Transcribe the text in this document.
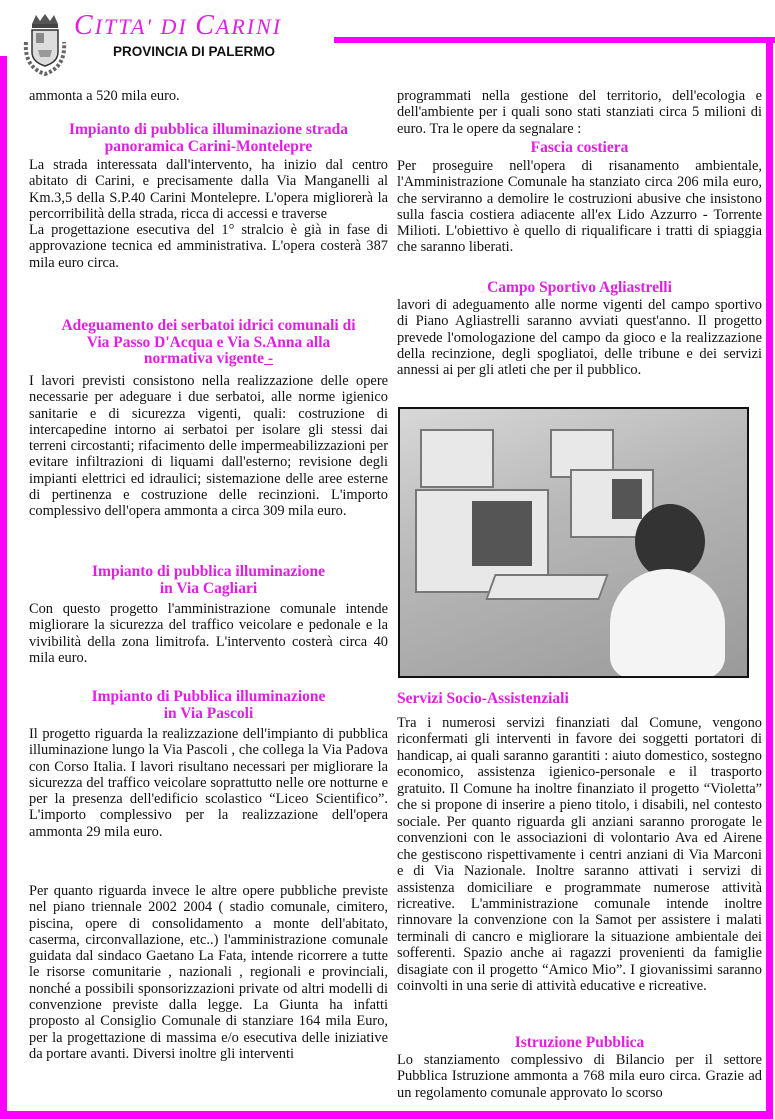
CITTA' DI CARINI
PROVINCIA DI PALERMO
ammonta a 520 mila euro.
Impianto di pubblica illuminazione strada
panoramica Carini-Montelepre

La strada interessata dall'intervento, ha inizio dal centro abitato di Carini, e precisamente dalla Via Manganelli al Km.3,5 della S.P.40 Carini Montelepre. L'opera migliorerà la percorribilità della strada, ricca di accessi e traverse

La progettazione esecutiva del 1° stralcio è già in fase di approvazione tecnica ed amministrativa. L'opera costerà 387 mila euro circa.

Adeguamento dei serbatoi idrici comunali di
Via Passo D'Acqua e Via S.Anna alla
normativa vigente -

I lavori previsti consistono nella realizzazione delle opere necessarie per adeguare i due serbatoi, alle norme igienico sanitarie e di sicurezza vigenti, quali: costruzione di intercapedine intorno ai serbatoi per isolare gli stessi dai terreni circostanti; rifacimento delle impermeabilizzazioni per evitare infiltrazioni di liquami dall'esterno; revisione degli impianti elettrici ed idraulici; sistemazione delle aree esterne di pertinenza e costruzione delle recinzioni. L'importo complessivo dell'opera ammonta a circa 309 mila euro.

Impianto di pubblica illuminazione
in Via Cagliari

Con questo progetto l'amministrazione comunale intende migliorare la sicurezza del traffico veicolare e pedonale e la vivibilità della zona limitrofa. L'intervento costerà circa 40 mila euro.

Impianto di Pubblica illuminazione
in Via Pascoli

Il progetto riguarda la realizzazione dell'impianto di pubblica illuminazione lungo la Via Pascoli , che collega la Via Padova con Corso Italia. I lavori risultano necessari per migliorare la sicurezza del traffico veicolare soprattutto nelle ore notturne e per la presenza dell'edificio scolastico “Liceo Scientifico”. L'importo complessivo per la realizzazione dell'opera ammonta 29 mila euro.

Per quanto riguarda invece le altre opere pubbliche previste nel piano triennale 2002 2004 ( stadio comunale, cimitero, piscina, opere di consolidamento a monte dell'abitato, caserma, circonvallazione, etc..) l'amministrazione comunale guidata dal sindaco Gaetano La Fata, intende ricorrere a tutte le risorse comunitarie , nazionali , regionali e provinciali, nonché a possibili sponsorizzazioni private od altri modelli di convenzione previste dalla legge. La Giunta ha infatti proposto al Consiglio Comunale di stanziare 164 mila Euro, per la progettazione di massima e/o esecutiva delle iniziative da portare avanti. Diversi inoltre gli interventi
programmati nella gestione del territorio, dell'ecologia e dell'ambiente per i quali sono stati stanziati circa 5 milioni di euro. Tra le opere da segnalare :
Fascia costiera

Per proseguire nell'opera di risanamento ambientale, l'Amministrazione Comunale ha stanziato circa 206 mila euro, che serviranno a demolire le costruzioni abusive che insistono sulla fascia costiera adiacente all'ex Lido Azzurro - Torrente Milioti. L'obiettivo è quello di riqualificare i tratti di spiaggia che saranno liberati.

Campo Sportivo Agliastrelli

lavori di adeguamento alle norme vigenti del campo sportivo di Piano Agliastrelli saranno avviati quest'anno. Il progetto prevede l'omologazione del campo da gioco e la realizzazione della recinzione, degli spogliatoi, delle tribune e dei servizi annessi ai per gli atleti che per il pubblico.

Servizi Socio-Assistenziali

Tra i numerosi servizi finanziati dal Comune, vengono riconfermati gli interventi in favore dei soggetti portatori di handicap, ai quali saranno garantiti : aiuto domestico, sostegno economico, assistenza igienico-personale e il trasporto gratuito. Il Comune ha inoltre finanziato il progetto “Violetta” che si propone di inserire a pieno titolo, i disabili, nel contesto sociale. Per quanto riguarda gli anziani saranno prorogate le convenzioni con le associazioni di volontario Ava ed Airene che gestiscono rispettivamente i centri anziani di Via Marconi e di Via Nazionale. Inoltre saranno attivati i servizi di assistenza domiciliare e programmate numerose attività ricreative. L'amministrazione comunale intende inoltre rinnovare la convenzione con la Samot per assistere i malati terminali di cancro e migliorare la situazione ambientale dei sofferenti. Spazio anche ai ragazzi provenienti da famiglie disagiate con il progetto “Amico Mio”. I giovanissimi saranno coinvolti in una serie di attività educative e ricreative.

Istruzione Pubblica

Lo stanziamento complessivo di Bilancio per il settore Pubblica Istruzione ammonta a 768 mila euro circa. Grazie ad un regolamento comunale approvato lo scorso
